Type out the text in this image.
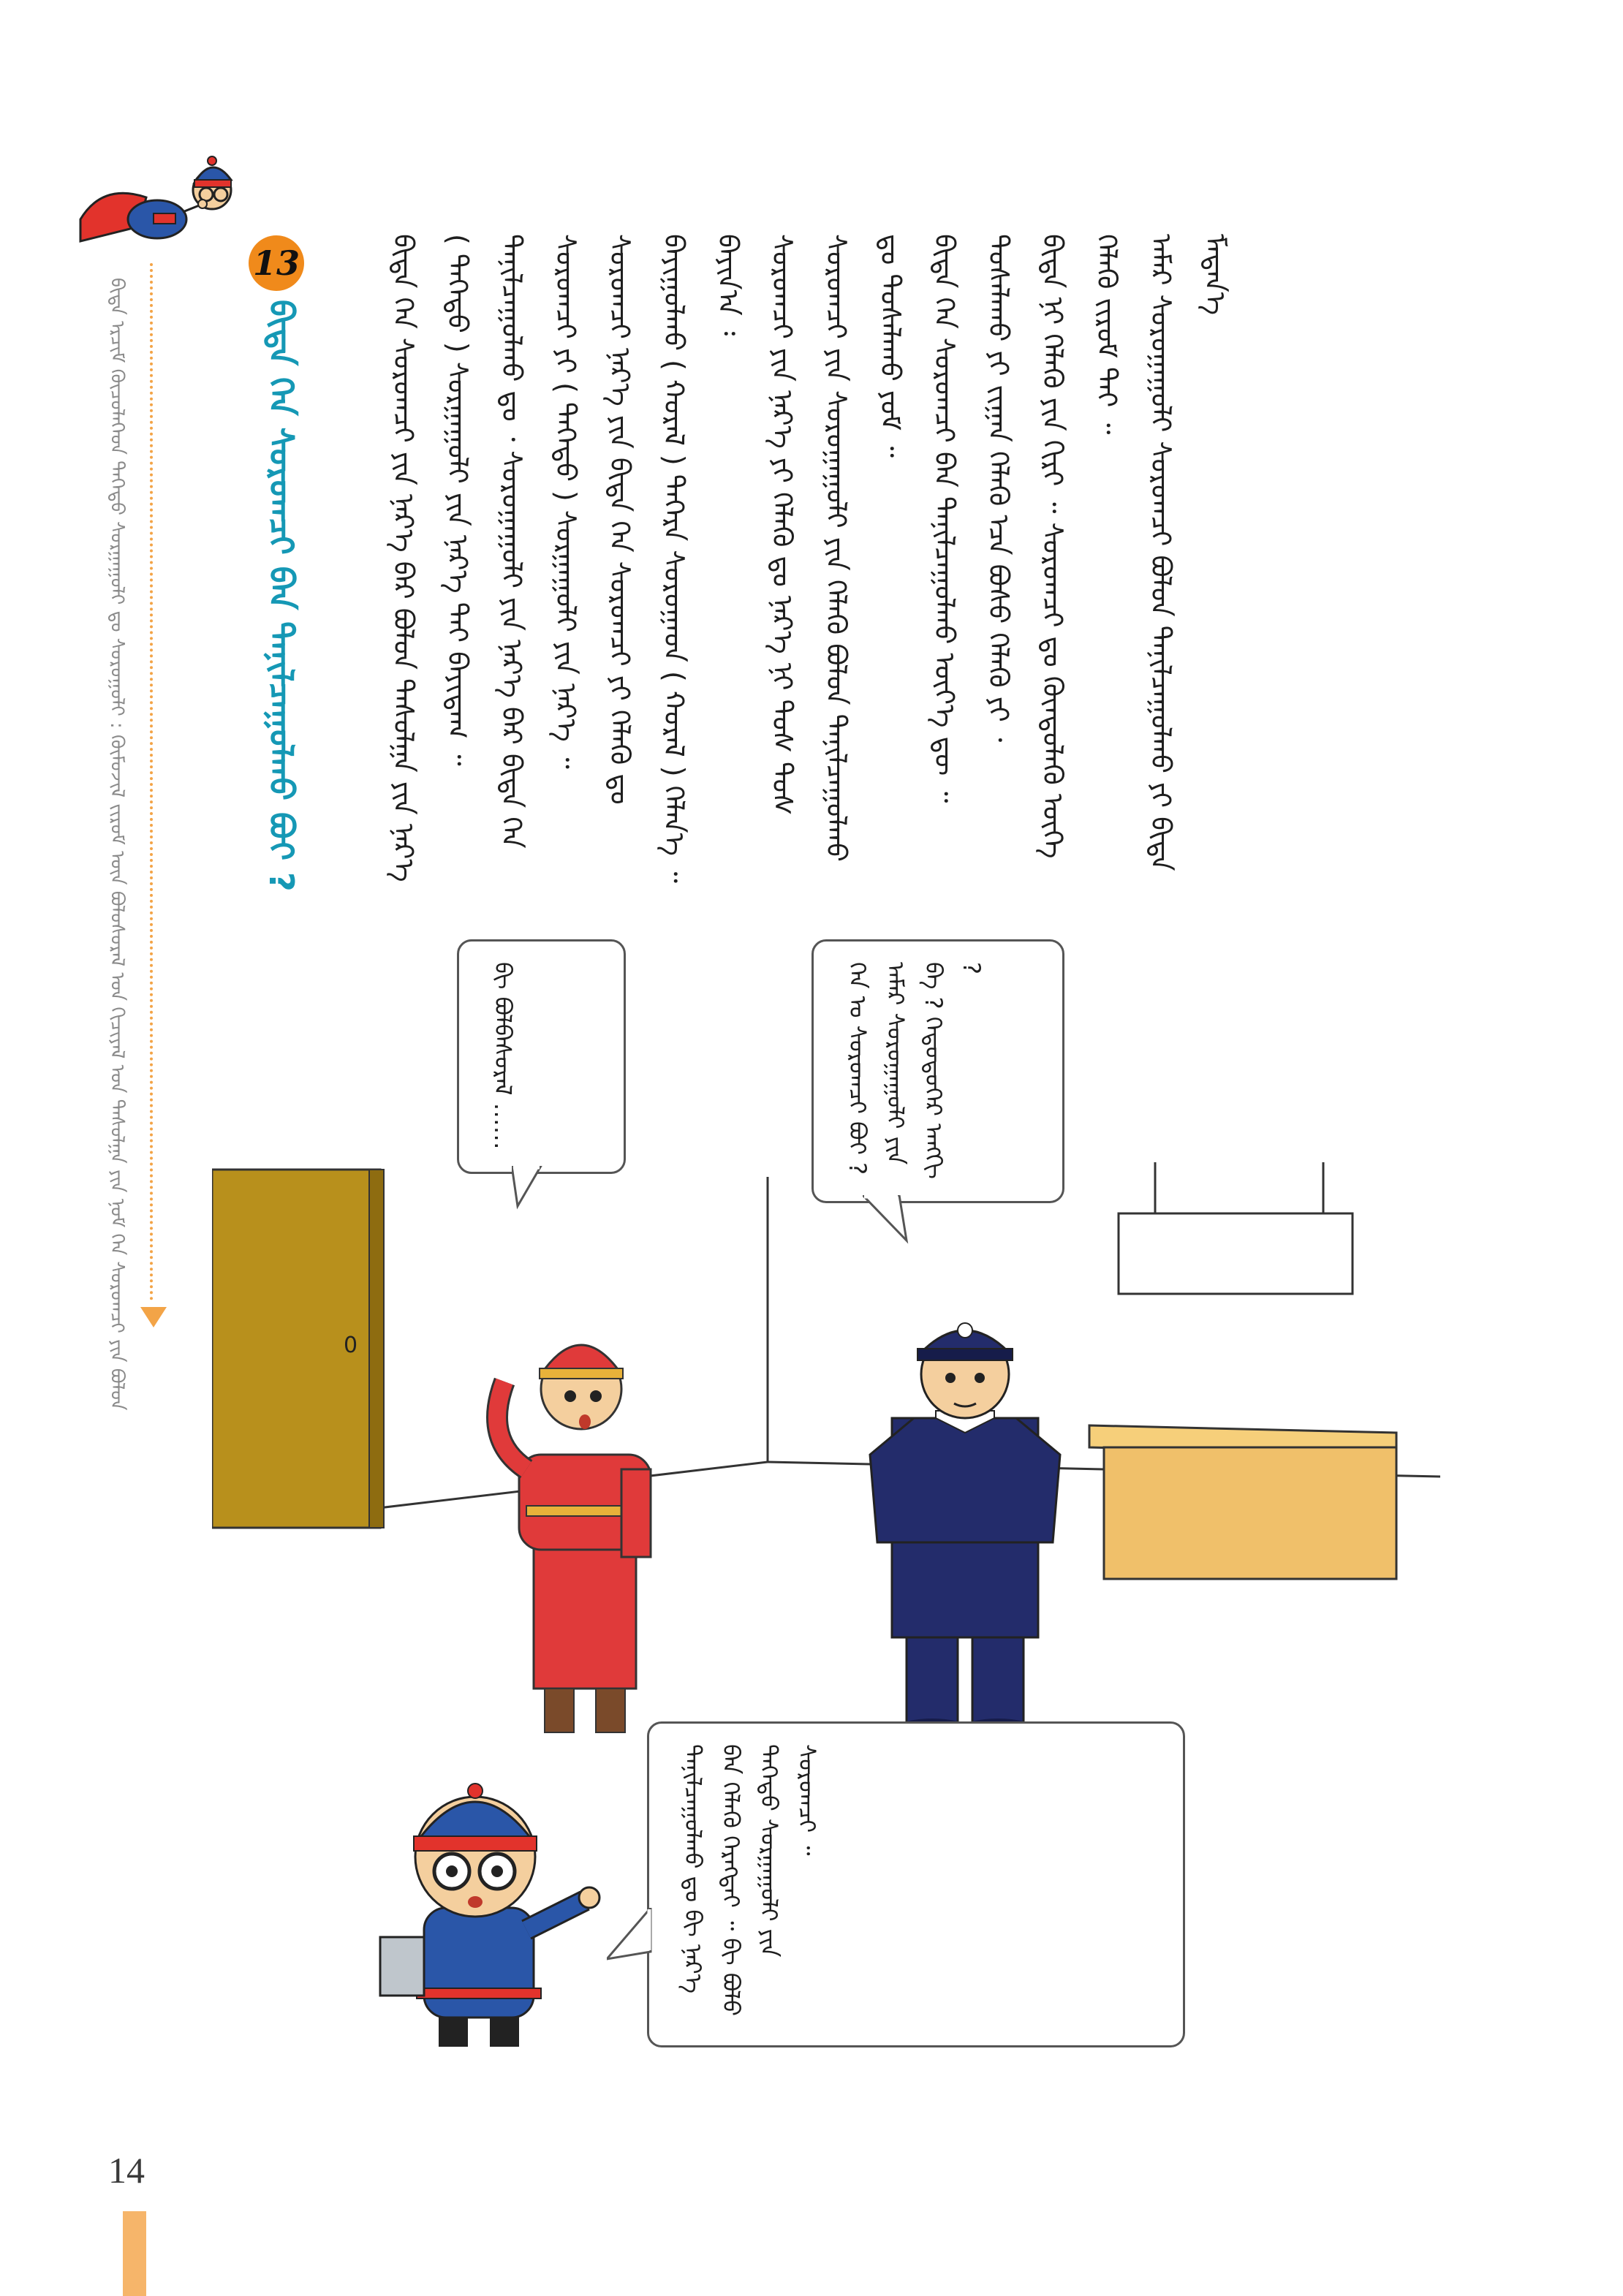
ᠪᠢᠳᠡ ᠡᠷᠴᠢᠮ ᠬᠦᠴᠦᠯᠡᠭᠡᠳ ᠳᠡᠭᠡᠳᠦ ᠰᠤᠷᠭᠠᠭᠤᠯᠢ ᠳᠤ ᠰᠤᠷᠤᠭᠤᠯᠢ : ᠬᠦᠮᠦᠵᠢᠯ ᠵᠢᠷᠤᠮ ᠦᠨ ᠪᠤᠯᠤᠰᠤᠷᠠᠯ ᠤᠨ ᠬᠢᠴᠢᠶᠡᠯ ᠤᠨ ᠳᠠᠰᠤᠯᠭᠠ ᠶᠢᠨ ᠨᠣᠮ ᠬᠡᠨ ᠰᠤᠷᠤᠭᠴᠢ ᠶᠢᠨ ᠪᠣᠯᠤᠨ
13
ᠪᠢᠳᠡ ᠬᠡᠨ ᠰᠤᠷᠤᠭᠴᠢ ᠪᠡᠨ ᠲᠠᠨᠢᠯᠴᠠᠭᠤᠯᠬᠤ ᠪᠤᠢ ?	ᠪᠢᠳᠡ ᠬᠡᠨ ᠰᠤᠷᠤᠭᠴᠢ ᠶᠢᠨ ᠨᠡᠷ᠎ᠡ ᠪᠡᠷ ᠪᠤᠯᠤᠨ ᠳᠠᠰᠤᠯᠭᠠ ᠶᠢᠨ ᠨᠡᠷ᠎ᠡ ( ᠳᠡᠭᠡᠳᠦ ) ᠰᠤᠷᠭᠠᠭᠤᠯᠢ ᠶᠢᠨ ᠨᠡᠷ᠎ᠡ ᠲᠠᠢ ᠪᠠᠶᠢᠳᠠᠭ ᠃ ᠲᠠᠨᠢᠯᠴᠠᠭᠤᠯᠬᠤ ᠳᠤ ᠂ ᠰᠤᠷᠤᠭᠠᠭᠤᠯᠢ ᠶᠢᠨ ᠨᠡᠷ᠎ᠡ ᠪᠡᠷ ᠪᠢᠳᠡ ᠬᠡᠨ ᠰᠤᠷᠤᠭᠴᠢ ᠶᠢ ( ᠳᠡᠭᠡᠳᠦ ) ᠰᠤᠷᠭᠠᠭᠤᠯᠢ ᠶᠢᠨ ᠨᠡᠷ᠎ᠡ ᠃ ᠰᠤᠷᠤᠭᠴᠢ ᠨᠡᠷ᠎ᠡ ᠶᠢᠨ ᠪᠢᠳᠡ ᠬᠡᠨ ᠰᠤᠷᠤᠭᠴᠢ ᠶᠢ ᠬᠡᠯᠡᠬᠦ ᠳᠤ ᠪᠠᠶᠢᠭᠤᠯᠬᠤ ( ᠬᠤᠷᠠᠯ ) ᠳᠡᠭᠡᠷᠡ ᠰᠤᠷᠤᠭᠠᠳ ( ᠬᠤᠷᠠᠯ ) ᠬᠡᠯᠡᠨ᠎ᠡ ᠃ ᠪᠠᠶᠢᠨ᠎ᠠ ᠄ ᠰᠤᠷᠤᠭᠴᠢ ᠶᠢᠨ ᠨᠡᠷ᠎ᠡ ᠶᠢ ᠬᠡᠯᠡᠬᠦ ᠳᠤ ᠨᠡᠷ᠎ᠡ ᠨᠢ ᠲᠤᠰ ᠲᠤᠰ ᠰᠤᠷᠤᠭᠴᠢ ᠶᠢᠨ ᠰᠤᠷᠤᠭᠠᠭᠤᠯᠢ ᠶᠢᠨ ᠬᠡᠯᠡᠬᠦ ᠪᠣᠯᠤᠨ ᠲᠠᠨᠢᠯᠴᠠᠭᠤᠯᠬᠤ ᠳᠤ ᠳᠤᠰᠠᠯᠠᠬᠤ ᠶᠤᠮ ᠃ ᠪᠢᠳᠡ ᠬᠡᠨ ᠰᠤᠷᠤᠭᠴᠢ ᠪᠡᠨ ᠲᠠᠨᠢᠯᠴᠠᠭᠤᠯᠬᠤ ᠦᠶ᠎ᠡ ᠳᠦ ᠃ ᠲᠤᠰᠠᠯᠠᠬᠤ ᠶᠢ ᠵᠢᠭᠠᠨ ᠬᠡᠯᠡᠬᠦ ᠡᠴᠡ ᠪᠤᠰᠤ ᠬᠡᠯᠡᠬᠦ ᠶᠢ ᠂ ᠪᠢᠳᠡ ᠨᠢ ᠬᠡᠯᠡᠬᠦ ᠶᠢᠨ ᠬᠢᠷᠢ ᠃ ᠰᠤᠷᠤᠭᠴᠢ ᠳᠤ ᠬᠦᠨᠳᠦᠯᠡᠬᠦ ᠦᠭᠡ ᠬᠡᠯᠡᠬᠦ ᠵᠢᠷᠤᠮ ᠲᠠᠢ ᠃ ᠠᠮᠠᠷ ᠰᠤᠷᠤᠭᠠᠭᠤᠯᠢ ᠰᠤᠷᠤᠭᠴᠢ ᠪᠣᠯᠤᠨ ᠲᠠᠨᠢᠯᠴᠠᠭᠤᠯᠬᠤ ᠶᠢ ᠪᠢᠳᠡ ᠮᠡᠳᠡᠨ᠎ᠡ

0
ᠪᠢ ᠪᠣᠯᠪᠠᠰᠤᠷᠠᠯ ……	ᠬᠡᠨ ᠤ ᠰᠤᠷᠤᠭᠴᠢ ᠪᠤᠢ ? ᠠᠮᠠᠷ ᠰᠤᠷᠤᠭᠠᠭᠤᠯᠢ ᠶᠢᠨ ᠪᠡ ? ᠬᠡᠳᠦᠳᠦᠭᠡᠷ ᠠᠩᠭᠢ ?
ᠲᠠᠨᠢᠯᠴᠠᠭᠤᠯᠬᠤ ᠳᠤ ᠪᠢ ᠨᠡᠷ᠎ᠡ ᠪᠡᠨ ᠬᠡᠯᠡᠬᠦ ᠬᠡᠷᠡᠭᠲᠡᠢ ᠃ ᠪᠢ ᠪᠣᠯᠤ ᠳᠡᠭᠡᠳᠦ ᠰᠤᠷᠭᠠᠭᠤᠯᠢ ᠶᠢᠨ ᠰᠤᠷᠤᠭᠴᠢ ᠃
14
